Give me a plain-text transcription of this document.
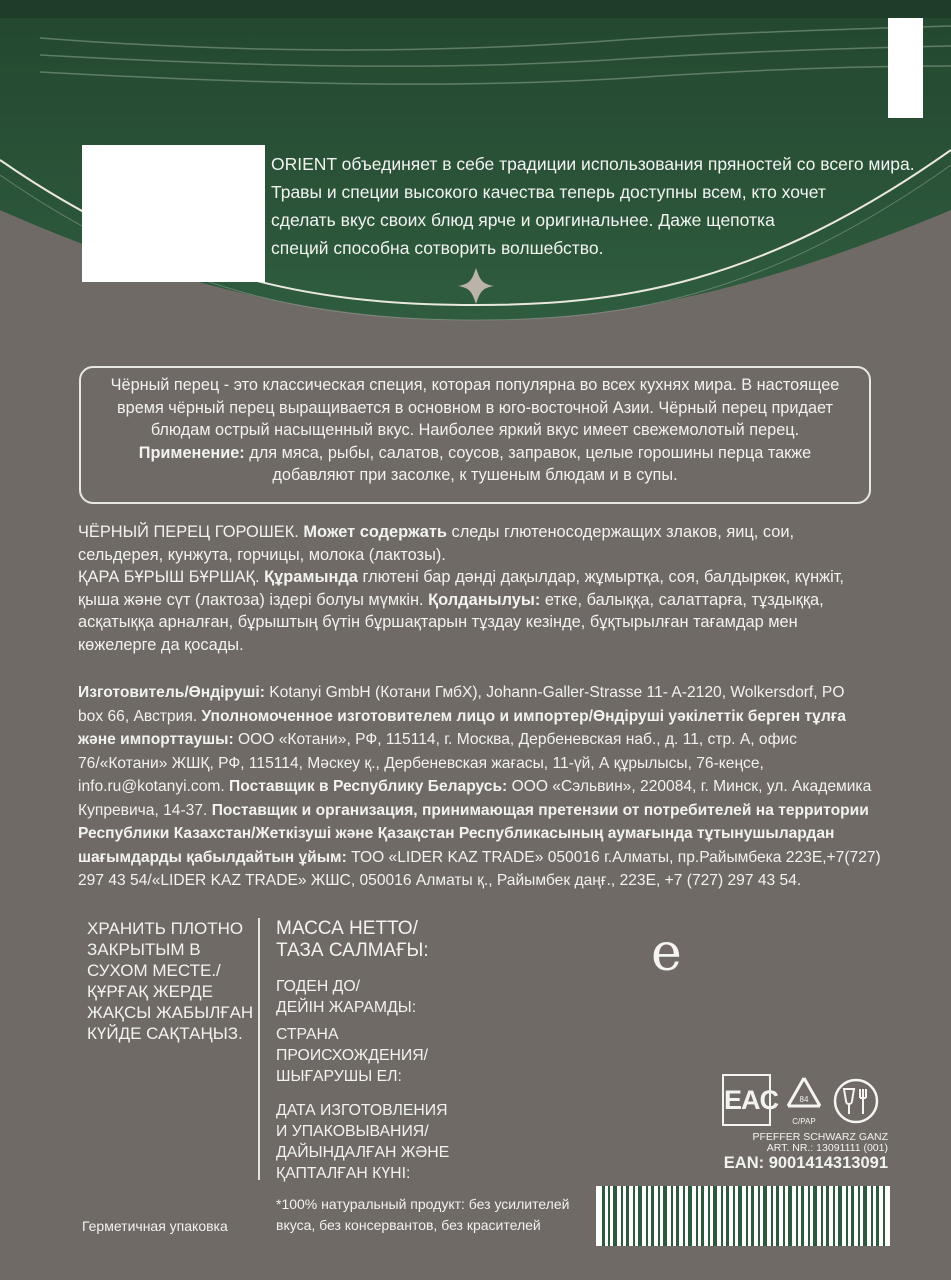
ORIENT объединяет в себе традиции использования пряностей со всего мира.
Травы и специи высокого качества теперь доступны всем, кто хочет
сделать вкус своих блюд ярче и оригинальнее. Даже щепотка
специй способна сотворить волшебство.
Чёрный перец - это классическая специя, которая популярна во всех кухнях мира. В настоящее
время чёрный перец выращивается в основном в юго-восточной Азии. Чёрный перец придает
блюдам острый насыщенный вкус. Наиболее яркий вкус имеет свежемолотый перец.
Применение: для мяса, рыбы, салатов, соусов, заправок, целые горошины перца также
добавляют при засолке, к тушеным блюдам и в супы.
ЧЁРНЫЙ ПЕРЕЦ ГОРОШЕК. Может содержать следы глютеносодержащих злаков, яиц, сои,
сельдерея, кунжута, горчицы, молока (лактозы).
ҚАРА БҰРЫШ БҰРШАҚ. Құрамында глютені бар дәнді дақылдар, жұмыртқа, соя, балдыркөк, күнжіт,
қыша және сүт (лактоза) іздері болуы мүмкін. Қолданылуы: етке, балыққа, салаттарға, тұздыққа,
асқатыққа арналған, бұрыштың бүтін бұршақтарын тұздау кезінде, бұқтырылған тағамдар мен
көжелерге да қосады.
Изготовитель/Өндіруші: Kotanyi GmbH (Котани ГмбХ), Johann-Galler-Strasse 11- A-2120, Wolkersdorf, PO
box 66, Австрия. Уполномоченное изготовителем лицо и импортер/Өндіруші уәкілеттік берген тұлға
және импорттаушы: ООО «Котани», РФ, 115114, г. Москва, Дербеневская наб., д. 11, стр. А, офис
76/«Котани» ЖШҚ, РФ, 115114, Мәскеу қ., Дербеневская жағасы, 11-үй, А құрылысы, 76-кеңсе,
info.ru@kotanyi.com. Поставщик в Республику Беларусь: ООО «Сэльвин», 220084, г. Минск, ул. Академика
Купревича, 14-37. Поставщик и организация, принимающая претензии от потребителей на территории
Республики Казахстан/Жеткізуші және Қазақстан Республикасының аумағында тұтынушылардан
шағымдарды қабылдайтын ұйым: ТОО «LIDER KAZ TRADE» 050016 г.Алматы, пр.Райымбека 223Е,+7(727)
297 43 54/«LIDER KAZ TRADE» ЖШС, 050016 Алматы қ., Райымбек даңғ., 223Е, +7 (727) 297 43 54.
ХРАНИТЬ ПЛОТНО
ЗАКРЫТЫМ В
СУХОМ МЕСТЕ./
ҚҰРҒАҚ ЖЕРДЕ
ЖАҚСЫ ЖАБЫЛҒАН
КҮЙДЕ САҚТАҢЫЗ.
МАССА НЕТТО/
ТАЗА САЛМАҒЫ:
ГОДЕН ДО/
ДЕЙІН ЖАРАМДЫ:
СТРАНА
ПРОИСХОЖДЕНИЯ/
ШЫҒАРУШЫ ЕЛ:
ДАТА ИЗГОТОВЛЕНИЯ
И УПАКОВЫВАНИЯ/
ДАЙЫНДАЛҒАН ЖӘНЕ
ҚАПТАЛҒАН КҮНІ:
*100% натуральный продукт: без усилителей
вкуса, без консервантов, без красителей
Герметичная упаковка
e
EAC	84
C/PAP
PFEFFER SCHWARZ GANZ
ART. NR.: 13091111 (001)
EAN: 9001414313091
